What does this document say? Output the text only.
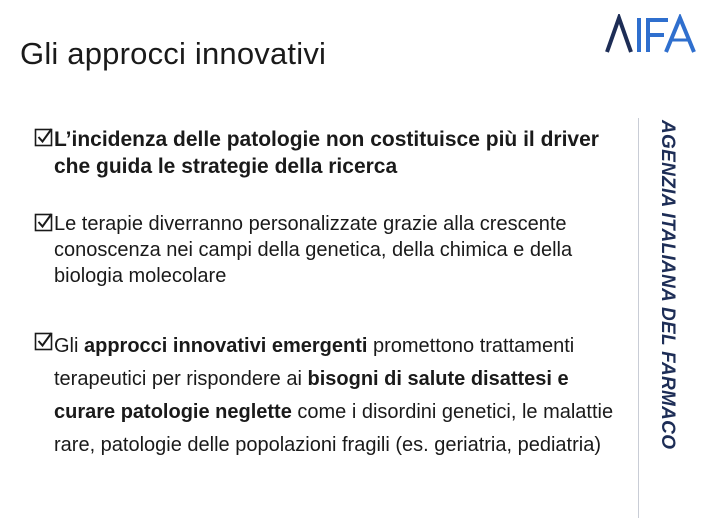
Gli approcci innovativi
AGENZIA ITALIANA DEL FARMACO
L’incidenza delle patologie non costituisce più il driver che guida le strategie della ricerca
Le terapie diverranno personalizzate grazie alla crescente conoscenza nei campi della genetica, della chimica e della biologia molecolare
Gli approcci innovativi emergenti promettono trattamenti terapeutici per rispondere ai bisogni di salute disattesi e curare patologie neglette come i disordini genetici, le malattie rare, patologie delle popolazioni fragili (es. geriatria, pediatria)
